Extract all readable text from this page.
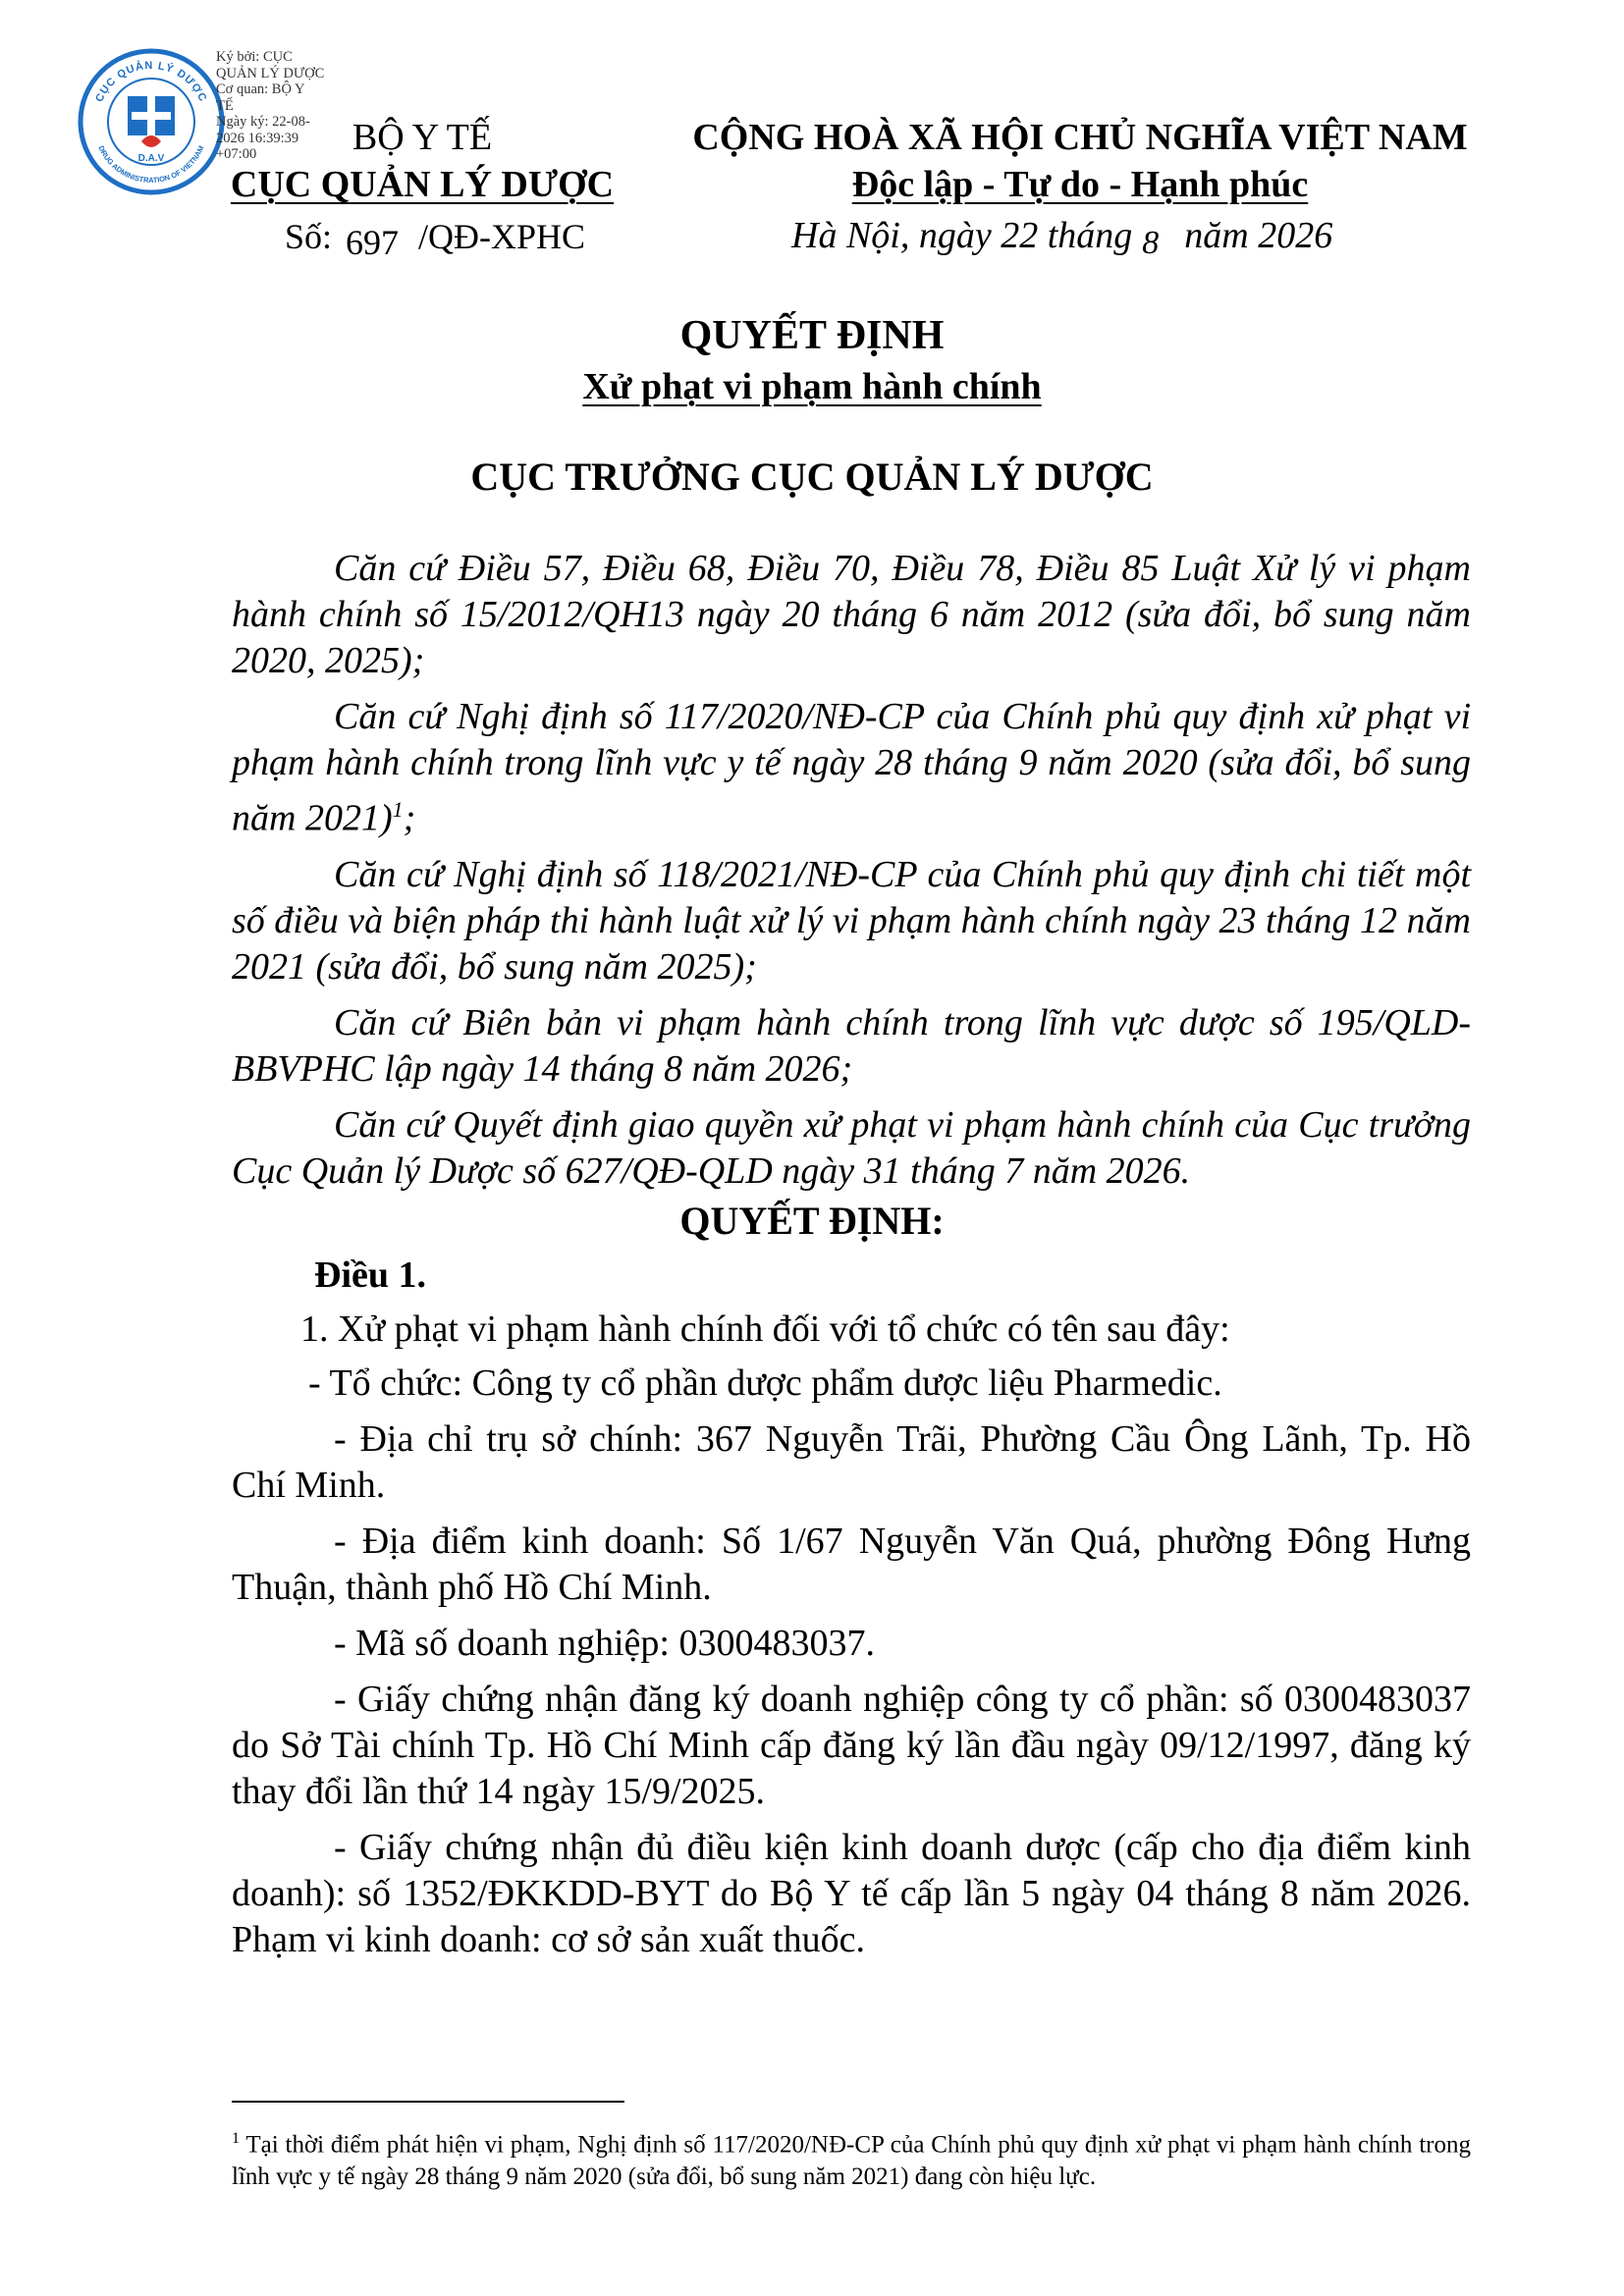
CỤC QUẢN LÝ DƯỢC
DRUG ADMINISTRATION OF VIETNAM
D.A.V
Ký bởi: CỤC
QUẢN LÝ DƯỢC
Cơ quan: BỘ Y
TẾ
Ngày ký: 22-08-
2026 16:39:39
+07:00	BỘ Y TẾ
CỤC QUẢN LÝ DƯỢC
CỘNG HOÀ XÃ HỘI CHỦ NGHĨA VIỆT NAM
Độc lập - Tự do - Hạnh phúc
Số: 697 /QĐ-XPHC	Hà Nội, ngày 22 tháng 8 năm 2026
QUYẾT ĐỊNH
Xử phạt vi phạm hành chính
CỤC TRƯỞNG CỤC QUẢN LÝ DƯỢC

Căn cứ Điều 57, Điều 68, Điều 70, Điều 78, Điều 85 Luật Xử lý vi phạm hành chính số 15/2012/QH13 ngày 20 tháng 6 năm 2012 (sửa đổi, bổ sung năm 2020, 2025);

Căn cứ Nghị định số 117/2020/NĐ-CP của Chính phủ quy định xử phạt vi phạm hành chính trong lĩnh vực y tế ngày 28 tháng 9 năm 2020 (sửa đổi, bổ sung năm 2021)$^1$;

Căn cứ Nghị định số 118/2021/NĐ-CP của Chính phủ quy định chi tiết một số điều và biện pháp thi hành luật xử lý vi phạm hành chính ngày 23 tháng 12 năm 2021 (sửa đổi, bổ sung năm 2025);

Căn cứ Biên bản vi phạm hành chính trong lĩnh vực dược số 195/QLD-BBVPHC lập ngày 14 tháng 8 năm 2026;

Căn cứ Quyết định giao quyền xử phạt vi phạm hành chính của Cục trưởng Cục Quản lý Dược số 627/QĐ-QLD ngày 31 tháng 7 năm 2026.

QUYẾT ĐỊNH:

Điều 1.

1. Xử phạt vi phạm hành chính đối với tổ chức có tên sau đây:

- Tổ chức: Công ty cổ phần dược phẩm dược liệu Pharmedic.

- Địa chỉ trụ sở chính: 367 Nguyễn Trãi, Phường Cầu Ông Lãnh, Tp. Hồ Chí Minh.

- Địa điểm kinh doanh: Số 1/67 Nguyễn Văn Quá, phường Đông Hưng Thuận, thành phố Hồ Chí Minh.

- Mã số doanh nghiệp: 0300483037.

- Giấy chứng nhận đăng ký doanh nghiệp công ty cổ phần: số 0300483037 do Sở Tài chính Tp. Hồ Chí Minh cấp đăng ký lần đầu ngày 09/12/1997, đăng ký thay đổi lần thứ 14 ngày 15/9/2025.

- Giấy chứng nhận đủ điều kiện kinh doanh dược (cấp cho địa điểm kinh doanh): số 1352/ĐKKDD-BYT do Bộ Y tế cấp lần 5 ngày 04 tháng 8 năm 2026. Phạm vi kinh doanh: cơ sở sản xuất thuốc.

$^1$ Tại thời điểm phát hiện vi phạm, Nghị định số 117/2020/NĐ-CP của Chính phủ quy định xử phạt vi phạm hành chính trong lĩnh vực y tế ngày 28 tháng 9 năm 2020 (sửa đổi, bổ sung năm 2021) đang còn hiệu lực.
